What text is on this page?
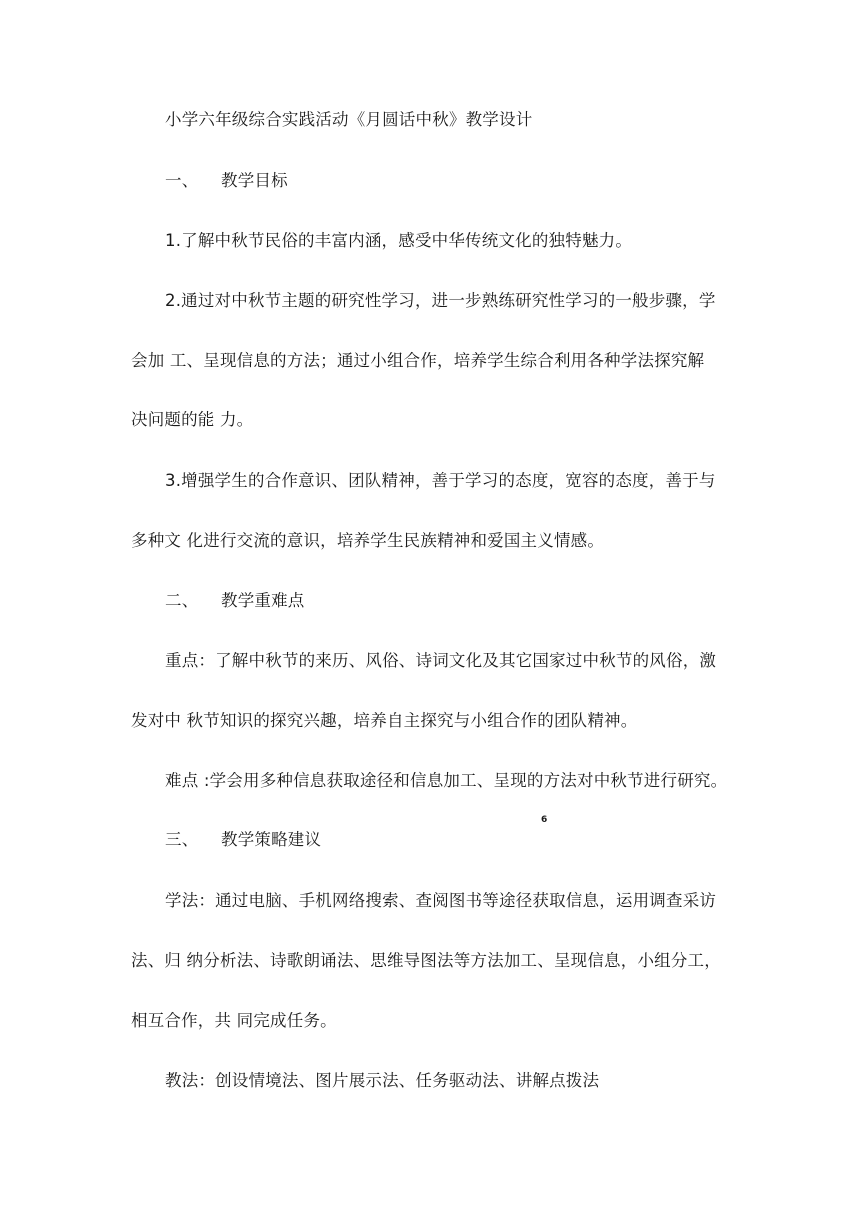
小学六年级综合实践活动《月圆话中秋》教学设计
一、 教学目标
1.了解中秋节民俗的丰富内涵，感受中华传统文化的独特魅力。
2.通过对中秋节主题的研究性学习，进一步熟练研究性学习的一般步骤，学
会加 工、呈现信息的方法；通过小组合作，培养学生综合利用各种学法探究解
决问题的能 力。
3.增强学生的合作意识、团队精神，善于学习的态度，宽容的态度，善于与
多种文 化进行交流的意识，培养学生民族精神和爱国主义情感。
二、 教学重难点
重点：了解中秋节的来历、风俗、诗词文化及其它国家过中秋节的风俗，激
发对中 秋节知识的探究兴趣，培养自主探究与小组合作的团队精神。
难点 :学会用多种信息获取途径和信息加工、呈现的方法对中秋节进行研究。
6
三、 教学策略建议
学法：通过电脑、手机网络搜索、查阅图书等途径获取信息，运用调查采访
法、归 纳分析法、诗歌朗诵法、思维导图法等方法加工、呈现信息，小组分工，
相互合作，共 同完成任务。
教法：创设情境法、图片展示法、任务驱动法、讲解点拨法
